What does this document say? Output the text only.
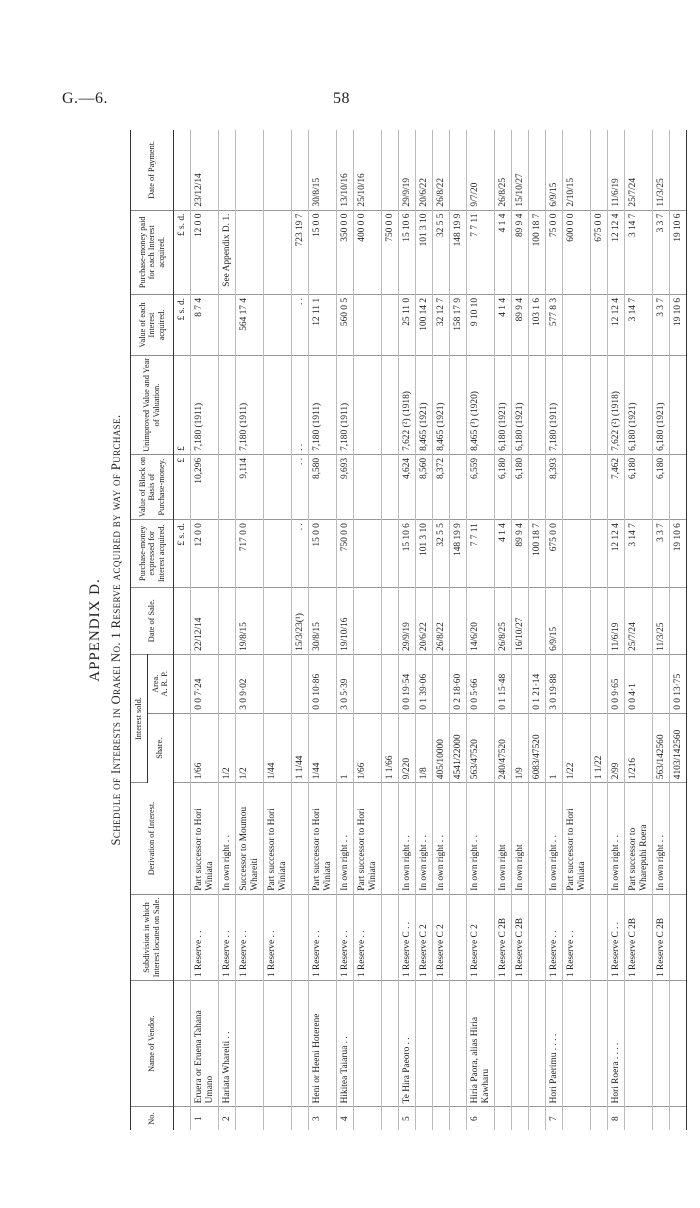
G.—6.	58
APPENDIX D. Schedule of Interests in Orakei No. 1 Reserve acquired by way of Purchase.
No.	Name of Vendor.	Subdivision in which Interest located on Sale.	Derivation of Interest.	Interest sold.		Date of Sale.	Purchase-money expressed for Interest acquired.	Value of Block on Basis of Purchase-money.	Unimproved Value and Year of Valuation.	Value of each Interest acquired.	Purchase-money paid for each Interest acquired.	Date of Payment.
				Share.	Area. A. R. P.							

							£ s. d.	£	£	£ s. d.	£ s. d.	
1	Eruera or Eruena Tahana Umano	1 Reserve . .	Part successor to Hori Winiata	1/66	0 0 7·24	22/12/14	12 0 0	10,296	7,180 (1911)	8 7 4	12 0 0	23/12/14
2	Hariata Whareiti . .	1 Reserve . .	In own right . .	1/2							See Appendix D. 1.	
		1 Reserve . .	Successor to Moumou Whareiti	1/2	3 0 9·02	19/8/15	717 0 0	9,114	7,180 (1911)	564 17 4		
		1 Reserve . .	Part successor to Hori Winiata	1/44								
				1 1/44		15/3/23(¹)	. .	. .	. .	. .	723 19 7	
3	Heni or Heeni Hoterene	1 Reserve . .	Part successor to Hori Winiata	1/44	0 0 10·86	30/8/15	15 0 0	8,580	7,180 (1911)	12 11 1	15 0 0	30/8/15
4	Hikitea Taiarua . .	1 Reserve . .	In own right . .	1	3 0 5·39	19/10/16	750 0 0	9,693	7,180 (1911)	560 0 5	350 0 0	13/10/16
		1 Reserve . .	Part successor to Hori Winiata	1/66							400 0 0	25/10/16
				1 1/66							750 0 0	
5	Te Hira Paeoro . .	1 Reserve C . .	In own right . .	9/220	0 0 19·54	29/9/19	15 10 6	4,624	7,622 (²) (1918)	25 11 0	15 10 6	29/9/19
		1 Reserve C 2	In own right . .	1/8	0 1 39·06	20/6/22	101 3 10	8,560	8,465 (1921)	100 14 2	101 3 10	20/6/22
		1 Reserve C 2	In own right . .	405/10000		26/8/22	32 5 5	8,372	8,465 (1921)	32 12 7	32 5 5	26/8/22
				4541/22000	0 2 18·60		148 19 9			158 17 9	148 19 9	
6	Hiria Paora, alias Hiria Kawharu	1 Reserve C 2	In own right . .	563/47520	0 0 5·66	14/6/20	7 7 11	6,559	8,465 (³) (1920)	9 10 10	7 7 11	9/7/20
		1 Reserve C 2B	In own right	240/47520	0 1 15·48	26/8/25	4 1 4	6,180	6,180 (1921)	4 1 4	4 1 4	26/8/25
		1 Reserve C 2B	In own right	1/9		16/10/27	89 9 4	6,180	6,180 (1921)	89 9 4	89 9 4	15/10/27
				6083/47520	0 1 21·14		100 18 7			103 1 6	100 18 7	
7	Hori Paerimu . . . .	1 Reserve . .	In own right . .	1	3 0 19·88	6/9/15	675 0 0	8,393	7,180 (1911)	577 8 3	75 0 0	6/9/15
		1 Reserve . .	Part successor to Hori Winiata	1/22							600 0 0	2/10/15
				1 1/22							675 0 0	
8	Hori Roera . . . .	1 Reserve C . .	In own right . .	2/99	0 0 9·65	11/6/19	12 12 4	7,462	7,622 (²) (1918)	12 12 4	12 12 4	11/6/19
		1 Reserve C 2B	Part successor to Wharepuhi Roera	1/216	0 0 4·1	25/7/24	3 14 7	6,180	6,180 (1921)	3 14 7	3 14 7	25/7/24
		1 Reserve C 2B	In own right . .	563/142560		11/3/25	3 3 7	6,180	6,180 (1921)	3 3 7	3 3 7	11/3/25
				4103/142560	0 0 13·75		19 10 6			19 10 6	19 10 6	
